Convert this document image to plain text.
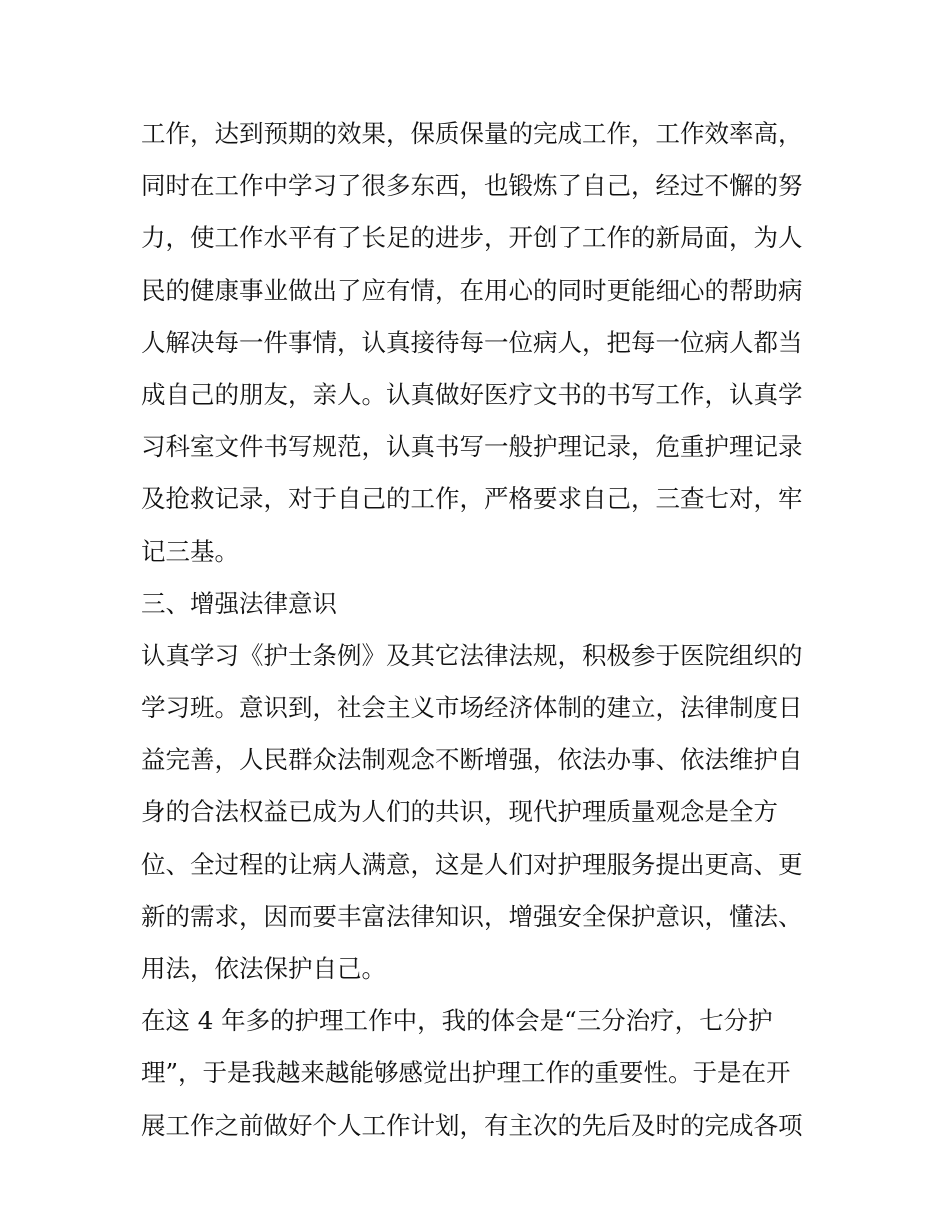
工作，达到预期的效果，保质保量的完成工作，工作效率高，
同时在工作中学习了很多东西，也锻炼了自己，经过不懈的努
力，使工作水平有了长足的进步，开创了工作的新局面，为人
民的健康事业做出了应有情，在用心的同时更能细心的帮助病
人解决每一件事情，认真接待每一位病人，把每一位病人都当
成自己的朋友，亲人。认真做好医疗文书的书写工作，认真学
习科室文件书写规范，认真书写一般护理记录，危重护理记录
及抢救记录，对于自己的工作，严格要求自己，三查七对，牢
记三基。
三、增强法律意识
认真学习《护士条例》及其它法律法规，积极参于医院组织的
学习班。意识到，社会主义市场经济体制的建立，法律制度日
益完善，人民群众法制观念不断增强，依法办事、依法维护自
身的合法权益已成为人们的共识，现代护理质量观念是全方
位、全过程的让病人满意，这是人们对护理服务提出更高、更
新的需求，因而要丰富法律知识，增强安全保护意识，懂法、
用法，依法保护自己。
在这 4 年多的护理工作中，我的体会是“三分治疗，七分护
理”，于是我越来越能够感觉出护理工作的重要性。于是在开
展工作之前做好个人工作计划，有主次的先后及时的完成各项
